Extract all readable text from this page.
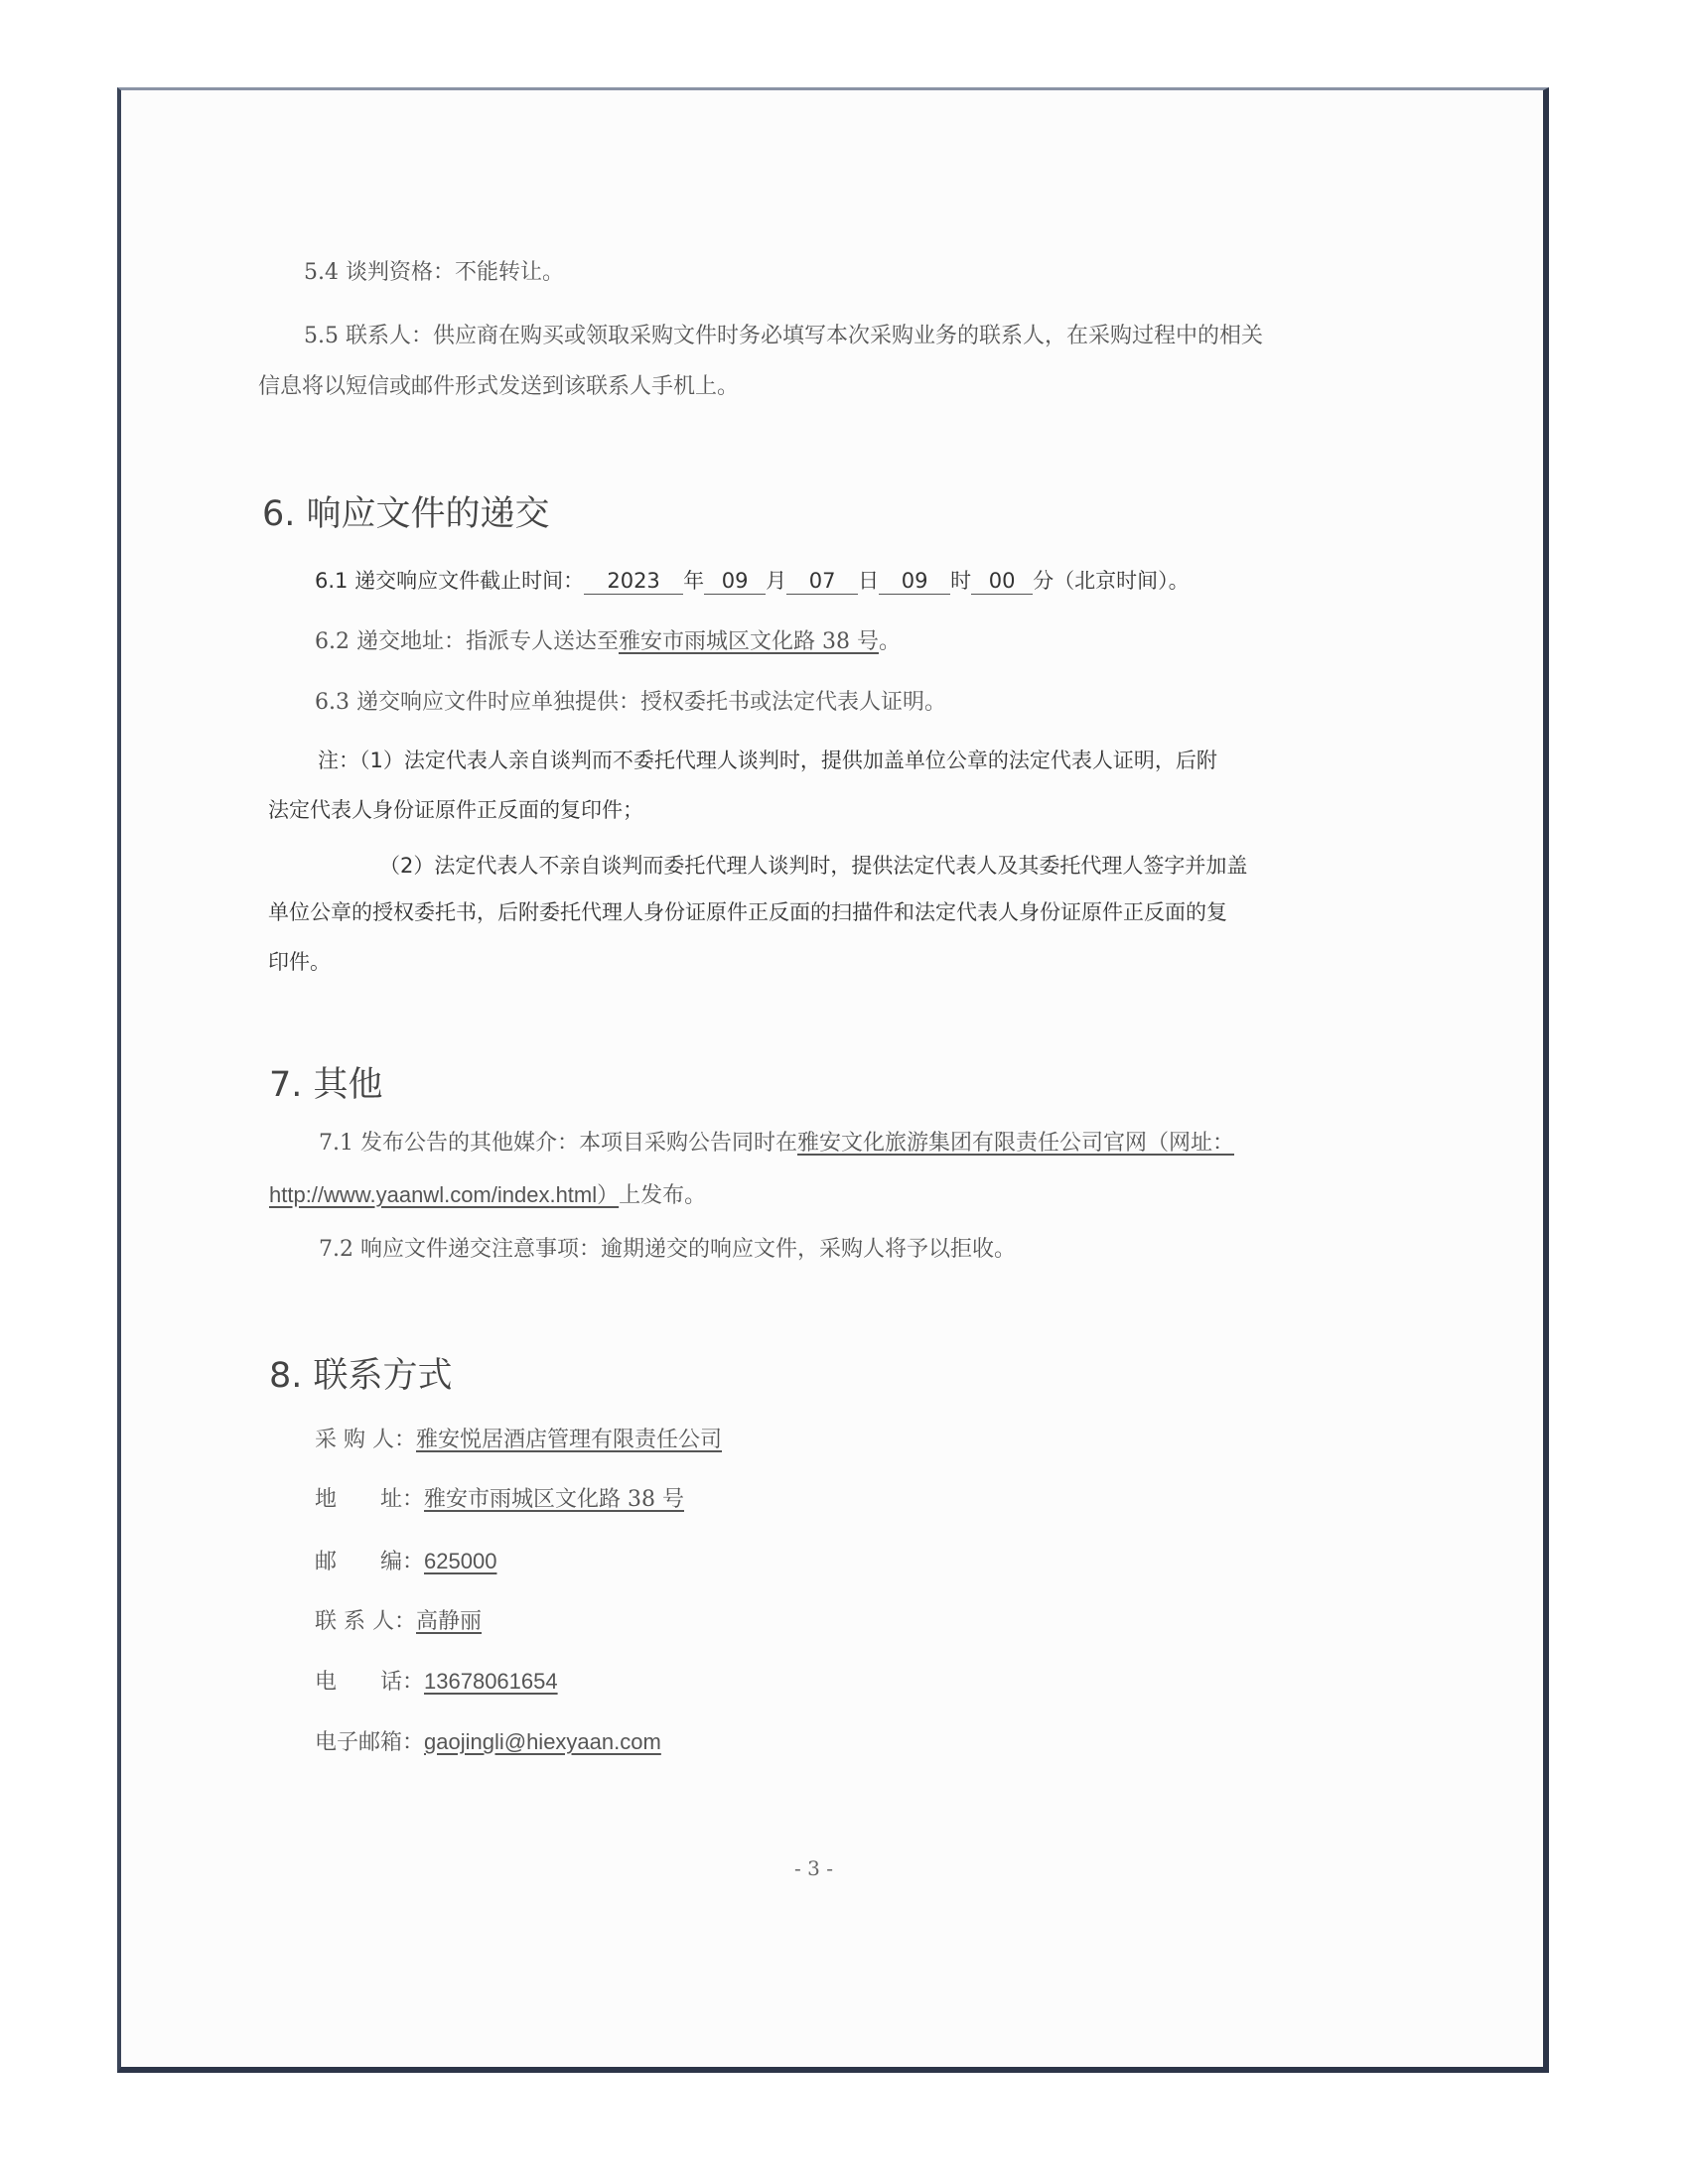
5.4 谈判资格：不能转让。
5.5 联系人：供应商在购买或领取采购文件时务必填写本次采购业务的联系人，在采购过程中的相关
信息将以短信或邮件形式发送到该联系人手机上。
6. 响应文件的递交
6.1 递交响应文件截止时间： 2023 年 09 月 07 日 09 时 00 分（北京时间）。
6.2 递交地址：指派专人送达至雅安市雨城区文化路 38 号。
6.3 递交响应文件时应单独提供：授权委托书或法定代表人证明。
注：（1）法定代表人亲自谈判而不委托代理人谈判时，提供加盖单位公章的法定代表人证明，后附
法定代表人身份证原件正反面的复印件；
（2）法定代表人不亲自谈判而委托代理人谈判时，提供法定代表人及其委托代理人签字并加盖
单位公章的授权委托书，后附委托代理人身份证原件正反面的扫描件和法定代表人身份证原件正反面的复
印件。
7. 其他
7.1 发布公告的其他媒介：本项目采购公告同时在雅安文化旅游集团有限责任公司官网（网址：
http://www.yaanwl.com/index.html）上发布。
7.2 响应文件递交注意事项：逾期递交的响应文件，采购人将予以拒收。
8. 联系方式
采 购 人：雅安悦居酒店管理有限责任公司
地　　址：雅安市雨城区文化路 38 号
邮　　编：625000
联 系 人：高静丽
电　　话：13678061654
电子邮箱：gaojingli@hiexyaan.com
- 3 -
